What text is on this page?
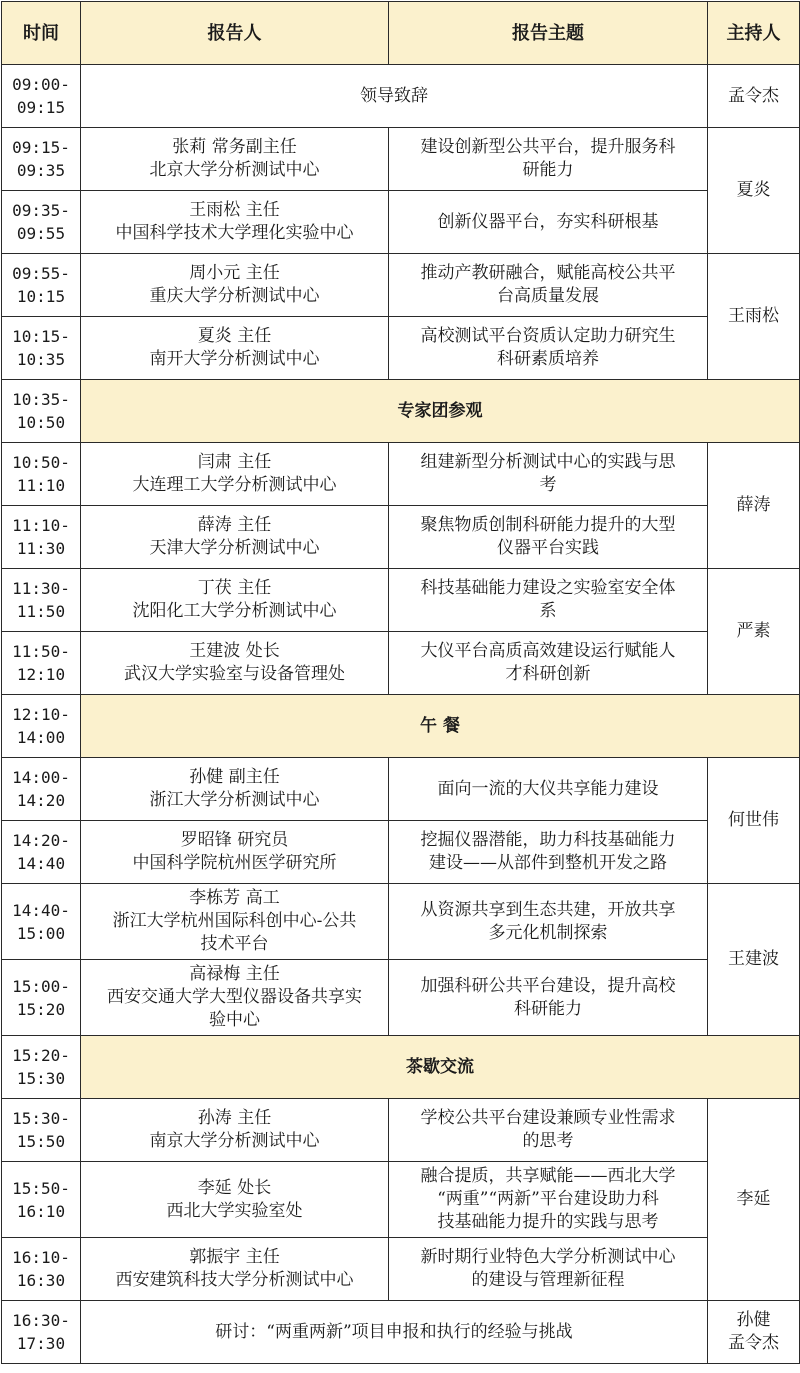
时间	报告人	报告主题	主持人

09:00-
09:15	领导致辞		孟令杰

09:15-
09:35	张莉 常务副主任
北京大学分析测试中心	建设创新型公共平台，提升服务科
研能力	夏炎

09:35-
09:55	王雨松 主任
中国科学技术大学理化实验中心	创新仪器平台，夯实科研根基	

09:55-
10:15	周小元 主任
重庆大学分析测试中心	推动产教研融合，赋能高校公共平
台高质量发展	王雨松

10:15-
10:35	夏炎 主任
南开大学分析测试中心	高校测试平台资质认定助力研究生
科研素质培养	

10:35-
10:50	专家团参观		

10:50-
11:10	闫肃 主任
大连理工大学分析测试中心	组建新型分析测试中心的实践与思
考	薛涛

11:10-
11:30	薛涛 主任
天津大学分析测试中心	聚焦物质创制科研能力提升的大型
仪器平台实践	

11:30-
11:50	丁茯 主任
沈阳化工大学分析测试中心	科技基础能力建设之实验室安全体
系	严素

11:50-
12:10	王建波 处长
武汉大学实验室与设备管理处	大仪平台高质高效建设运行赋能人
才科研创新	

12:10-
14:00	午 餐		

14:00-
14:20	孙健 副主任
浙江大学分析测试中心	面向一流的大仪共享能力建设	何世伟

14:20-
14:40	罗昭锋 研究员
中国科学院杭州医学研究所	挖掘仪器潜能，助力科技基础能力
建设——从部件到整机开发之路	

14:40-
15:00	李栋芳 高工
浙江大学杭州国际科创中心-公共
技术平台	从资源共享到生态共建，开放共享
多元化机制探索	王建波

15:00-
15:20	高禄梅 主任
西安交通大学大型仪器设备共享实
验中心	加强科研公共平台建设，提升高校
科研能力	

15:20-
15:30	茶歇交流		

15:30-
15:50	孙涛 主任
南京大学分析测试中心	学校公共平台建设兼顾专业性需求
的思考	李延

15:50-
16:10	李延 处长
西北大学实验室处	融合提质，共享赋能——西北大学
“两重”“两新”平台建设助力科
技基础能力提升的实践与思考	

16:10-
16:30	郭振宇 主任
西安建筑科技大学分析测试中心	新时期行业特色大学分析测试中心
的建设与管理新征程	

16:30-
17:30	研讨：“两重两新”项目申报和执行的经验与挑战		孙健
孟令杰
